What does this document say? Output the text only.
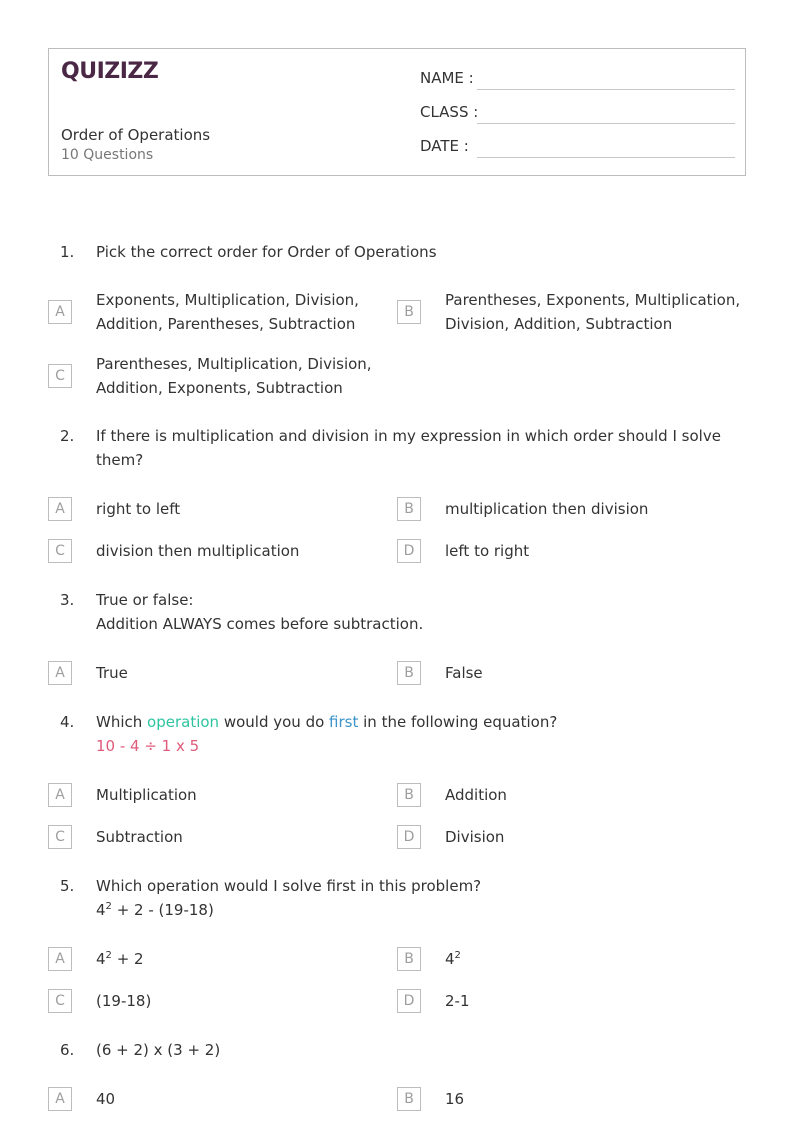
QUIZIZZ
Order of Operations
10 Questions
NAME :
CLASS :
DATE :
1. Pick the correct order for Order of Operations
A
Exponents, Multiplication, Division,
Addition, Parentheses, Subtraction
B
Parentheses, Exponents, Multiplication,
Division, Addition, Subtraction
C
Parentheses, Multiplication, Division,
Addition, Exponents, Subtraction
2. If there is multiplication and division in my expression in which order should I solve
them?
A	right to left	B	multiplication then division
C	division then multiplication	D	left to right
3. True or false:
Addition ALWAYS comes before subtraction.
A	True	B	False
4. Which operation would you do first in the following equation?
10 - 4 ÷ 1 x 5
A	Multiplication	B	Addition
C	Subtraction	D	Division
5. Which operation would I solve first in this problem?
$4^2 + 2 - (19-18)$
A	$4^2 + 2$	B	$4^2$
C	(19-18)	D	2-1
6. (6 + 2) x (3 + 2)
A	40	B	16
